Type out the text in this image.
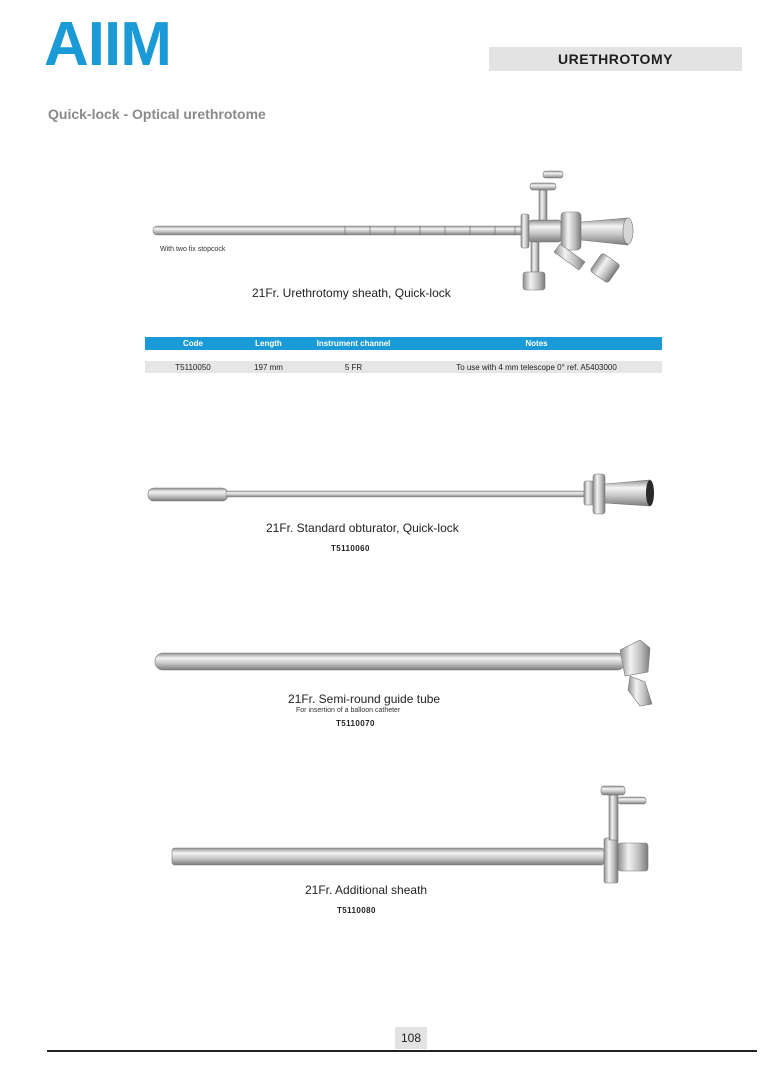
AIIM	URETHROTOMY
Quick-lock - Optical urethrotome
With two fix stopcock
21Fr. Urethrotomy sheath, Quick-lock
Code	Length	Instrument channel	Notes
T5110050	197 mm	5 FR	To use with 4 mm telescope 0° ref. A5403000
21Fr. Standard obturator, Quick-lock
T5110060
21Fr. Semi-round guide tube
For insertion of a balloon catheter
T5110070
21Fr. Additional sheath
T5110080
108
